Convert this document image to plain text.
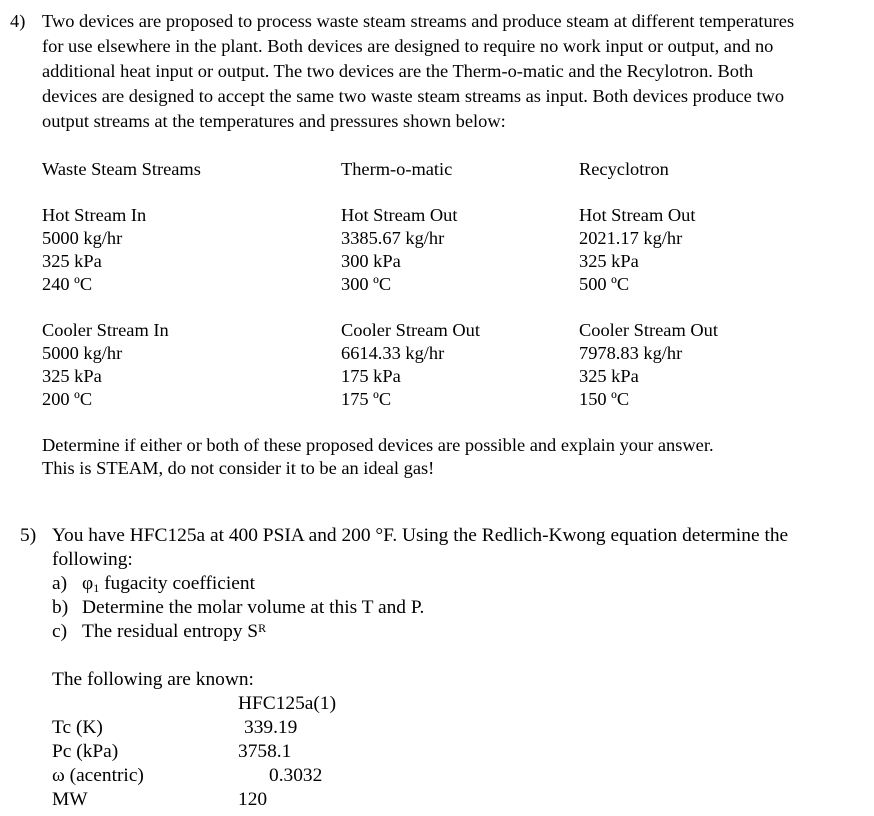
4) Two devices are proposed to process waste steam streams and produce steam at different temperatures
for use elsewhere in the plant. Both devices are designed to require no work input or output, and no
additional heat input or output. The two devices are the Therm-o-matic and the Recylotron. Both
devices are designed to accept the same two waste steam streams as input. Both devices produce two
output streams at the temperatures and pressures shown below:
Waste Steam Streams	Therm-o-matic	Recyclotron
Hot Stream In	Hot Stream Out	Hot Stream Out
5000 kg/hr	3385.67 kg/hr	2021.17 kg/hr
325 kPa	300 kPa	325 kPa
240 ºC	300 ºC	500 ºC
Cooler Stream In	Cooler Stream Out	Cooler Stream Out
5000 kg/hr	6614.33 kg/hr	7978.83 kg/hr
325 kPa	175 kPa	325 kPa
200 ºC	175 ºC	150 ºC
Determine if either or both of these proposed devices are possible and explain your answer.
This is STEAM, do not consider it to be an ideal gas!
5) You have HFC125a at 400 PSIA and 200 °F. Using the Redlich-Kwong equation determine the
following:
a) φ1 fugacity coefficient
b) Determine the molar volume at this T and P.
c) The residual entropy $S^R$
The following are known:
HFC125a(1)
Tc (K)	339.19
Pc (kPa)	3758.1
ω (acentric)	0.3032
MW	120
